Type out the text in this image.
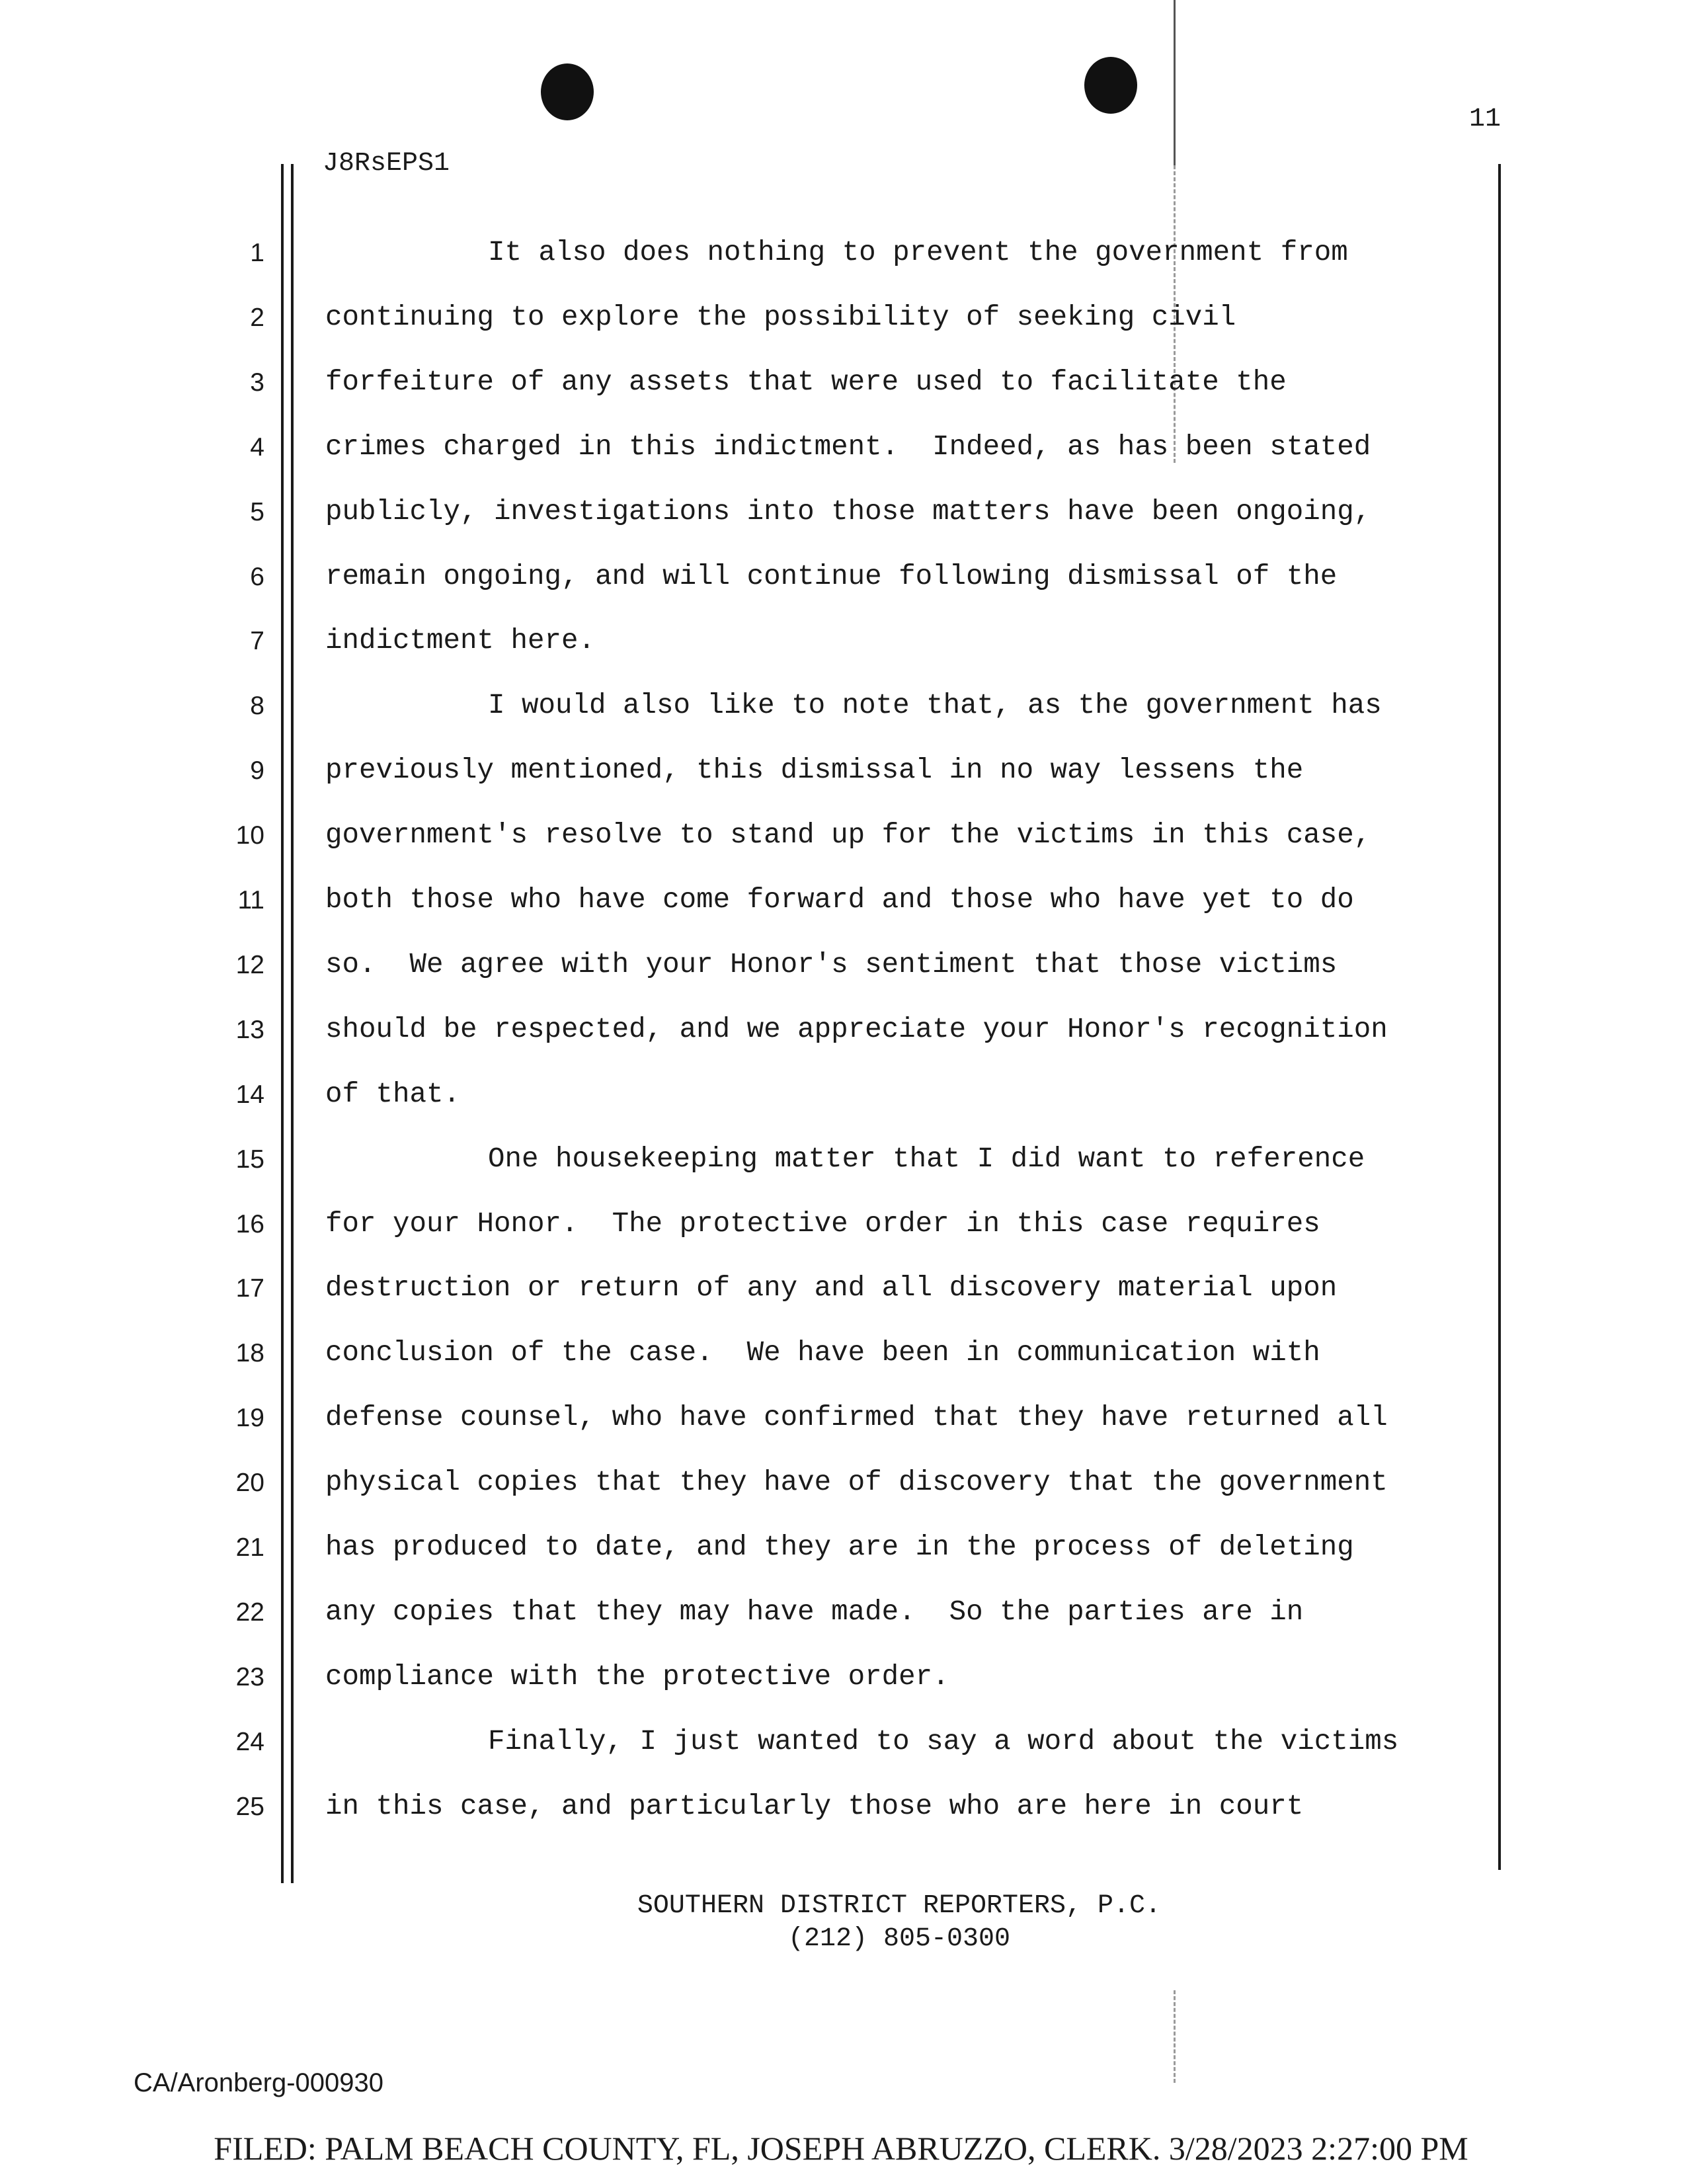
11
J8RsEPS1
1
2
3
4
5
6
7
8
9
10
11
12
13
14
15
16
17
18
19
20
21
22
23
24
25
It also does nothing to prevent the government from
continuing to explore the possibility of seeking civil
forfeiture of any assets that were used to facilitate the
crimes charged in this indictment.  Indeed, as has been stated
publicly, investigations into those matters have been ongoing,
remain ongoing, and will continue following dismissal of the
indictment here.
I would also like to note that, as the government has
previously mentioned, this dismissal in no way lessens the
government's resolve to stand up for the victims in this case,
both those who have come forward and those who have yet to do
so.  We agree with your Honor's sentiment that those victims
should be respected, and we appreciate your Honor's recognition
of that.
One housekeeping matter that I did want to reference
for your Honor.  The protective order in this case requires
destruction or return of any and all discovery material upon
conclusion of the case.  We have been in communication with
defense counsel, who have confirmed that they have returned all
physical copies that they have of discovery that the government
has produced to date, and they are in the process of deleting
any copies that they may have made.  So the parties are in
compliance with the protective order.
Finally, I just wanted to say a word about the victims
in this case, and particularly those who are here in court
SOUTHERN DISTRICT REPORTERS, P.C.
(212) 805-0300
CA/Aronberg-000930
FILED: PALM BEACH COUNTY, FL, JOSEPH ABRUZZO, CLERK. 3/28/2023 2:27:00 PM
